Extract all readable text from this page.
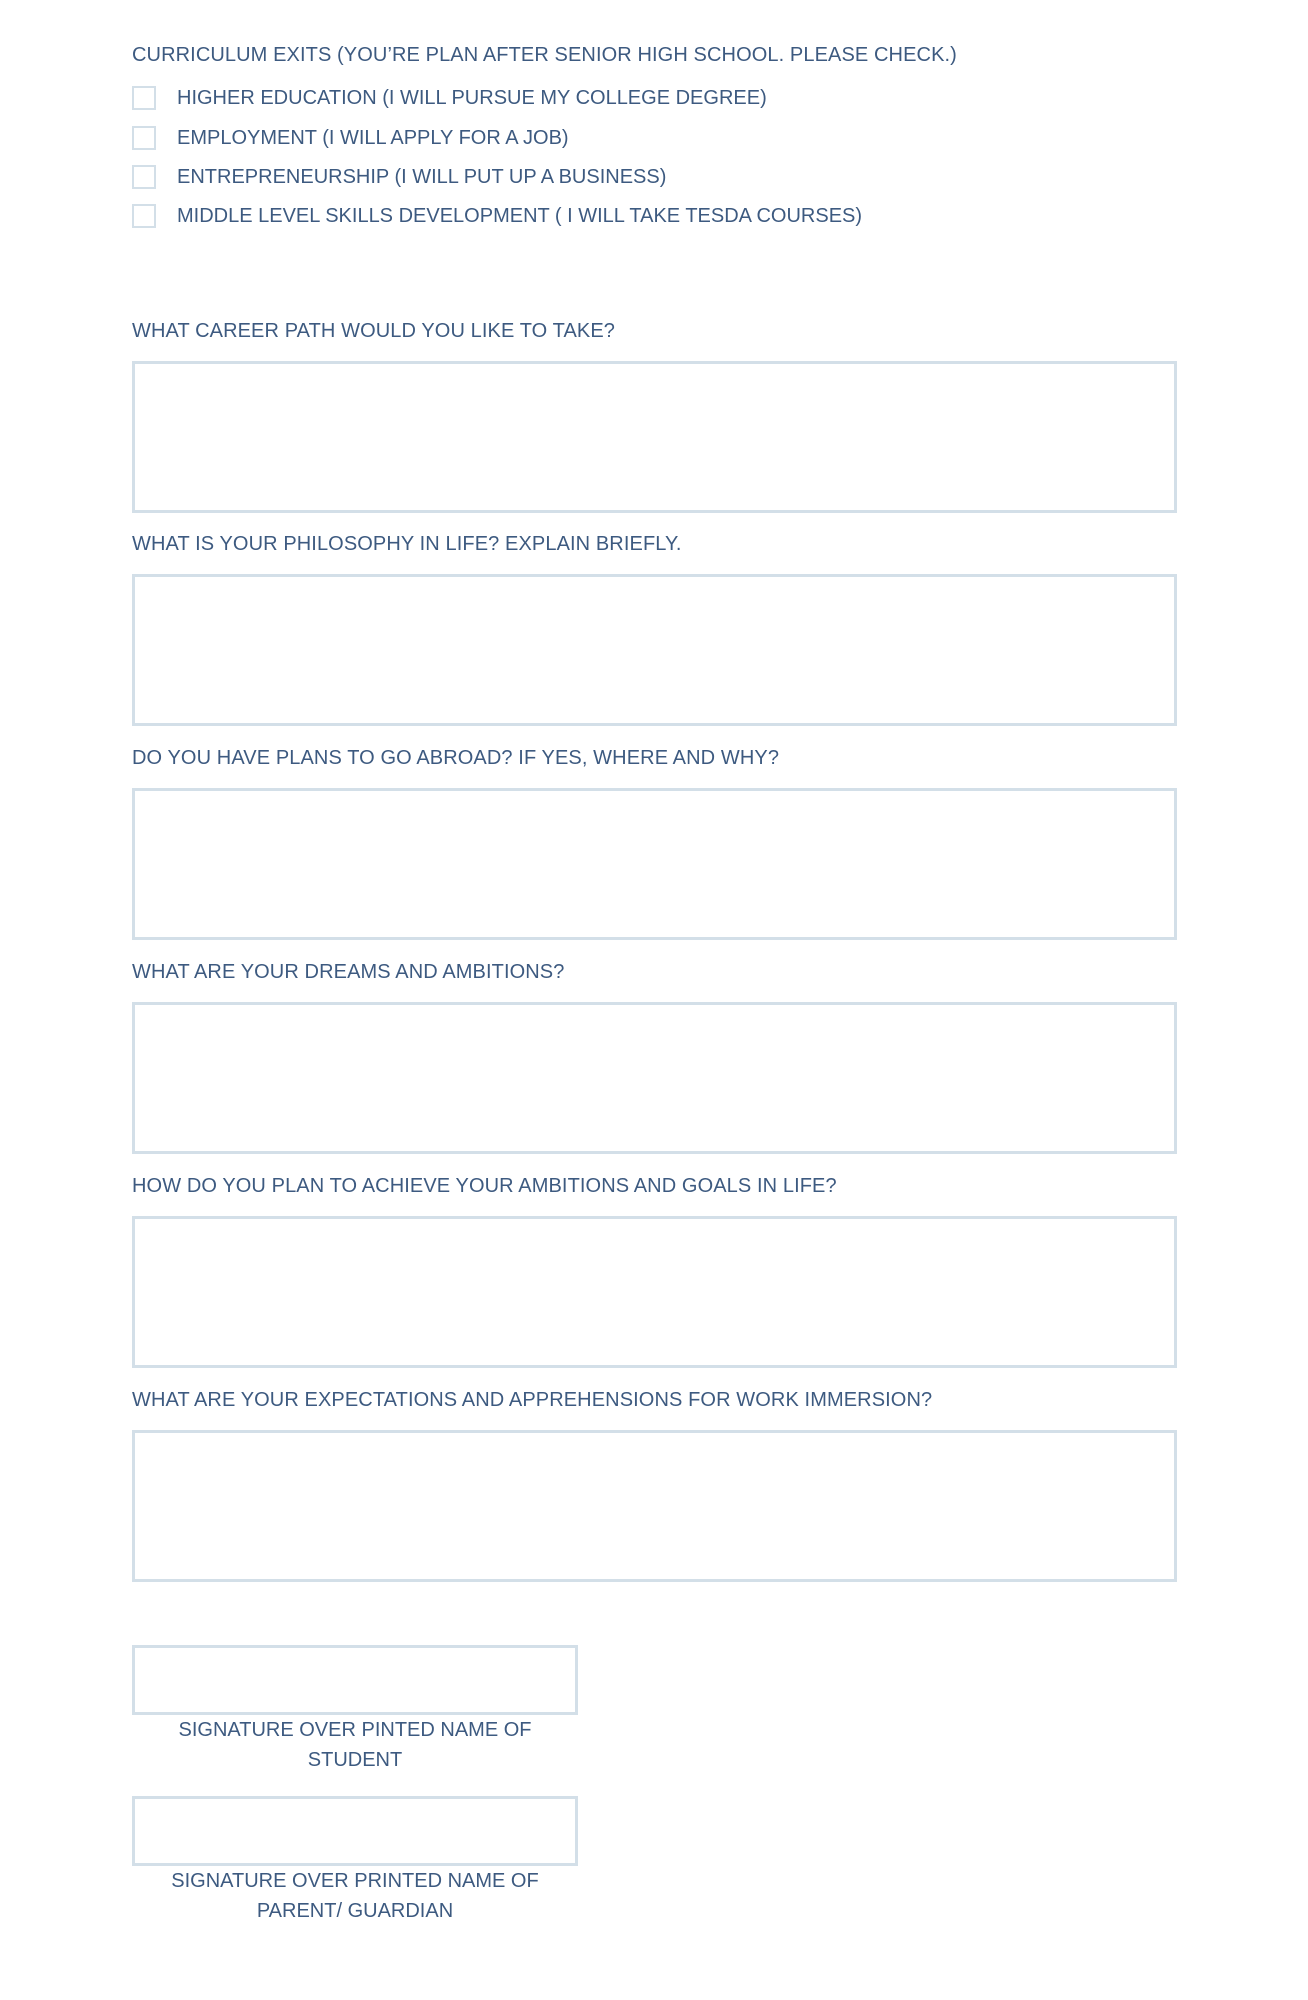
CURRICULUM EXITS (YOU’RE PLAN AFTER SENIOR HIGH SCHOOL. PLEASE CHECK.)
HIGHER EDUCATION (I WILL PURSUE MY COLLEGE DEGREE)
EMPLOYMENT (I WILL APPLY FOR A JOB)
ENTREPRENEURSHIP (I WILL PUT UP A BUSINESS)
MIDDLE LEVEL SKILLS DEVELOPMENT ( I WILL TAKE TESDA COURSES)
WHAT CAREER PATH WOULD YOU LIKE TO TAKE?
WHAT IS YOUR PHILOSOPHY IN LIFE? EXPLAIN BRIEFLY.
DO YOU HAVE PLANS TO GO ABROAD? IF YES, WHERE AND WHY?
WHAT ARE YOUR DREAMS AND AMBITIONS?
HOW DO YOU PLAN TO ACHIEVE YOUR AMBITIONS AND GOALS IN LIFE?
WHAT ARE YOUR EXPECTATIONS AND APPREHENSIONS FOR WORK IMMERSION?
SIGNATURE OVER PINTED NAME OF STUDENT
SIGNATURE OVER PRINTED NAME OF
PARENT/ GUARDIAN
